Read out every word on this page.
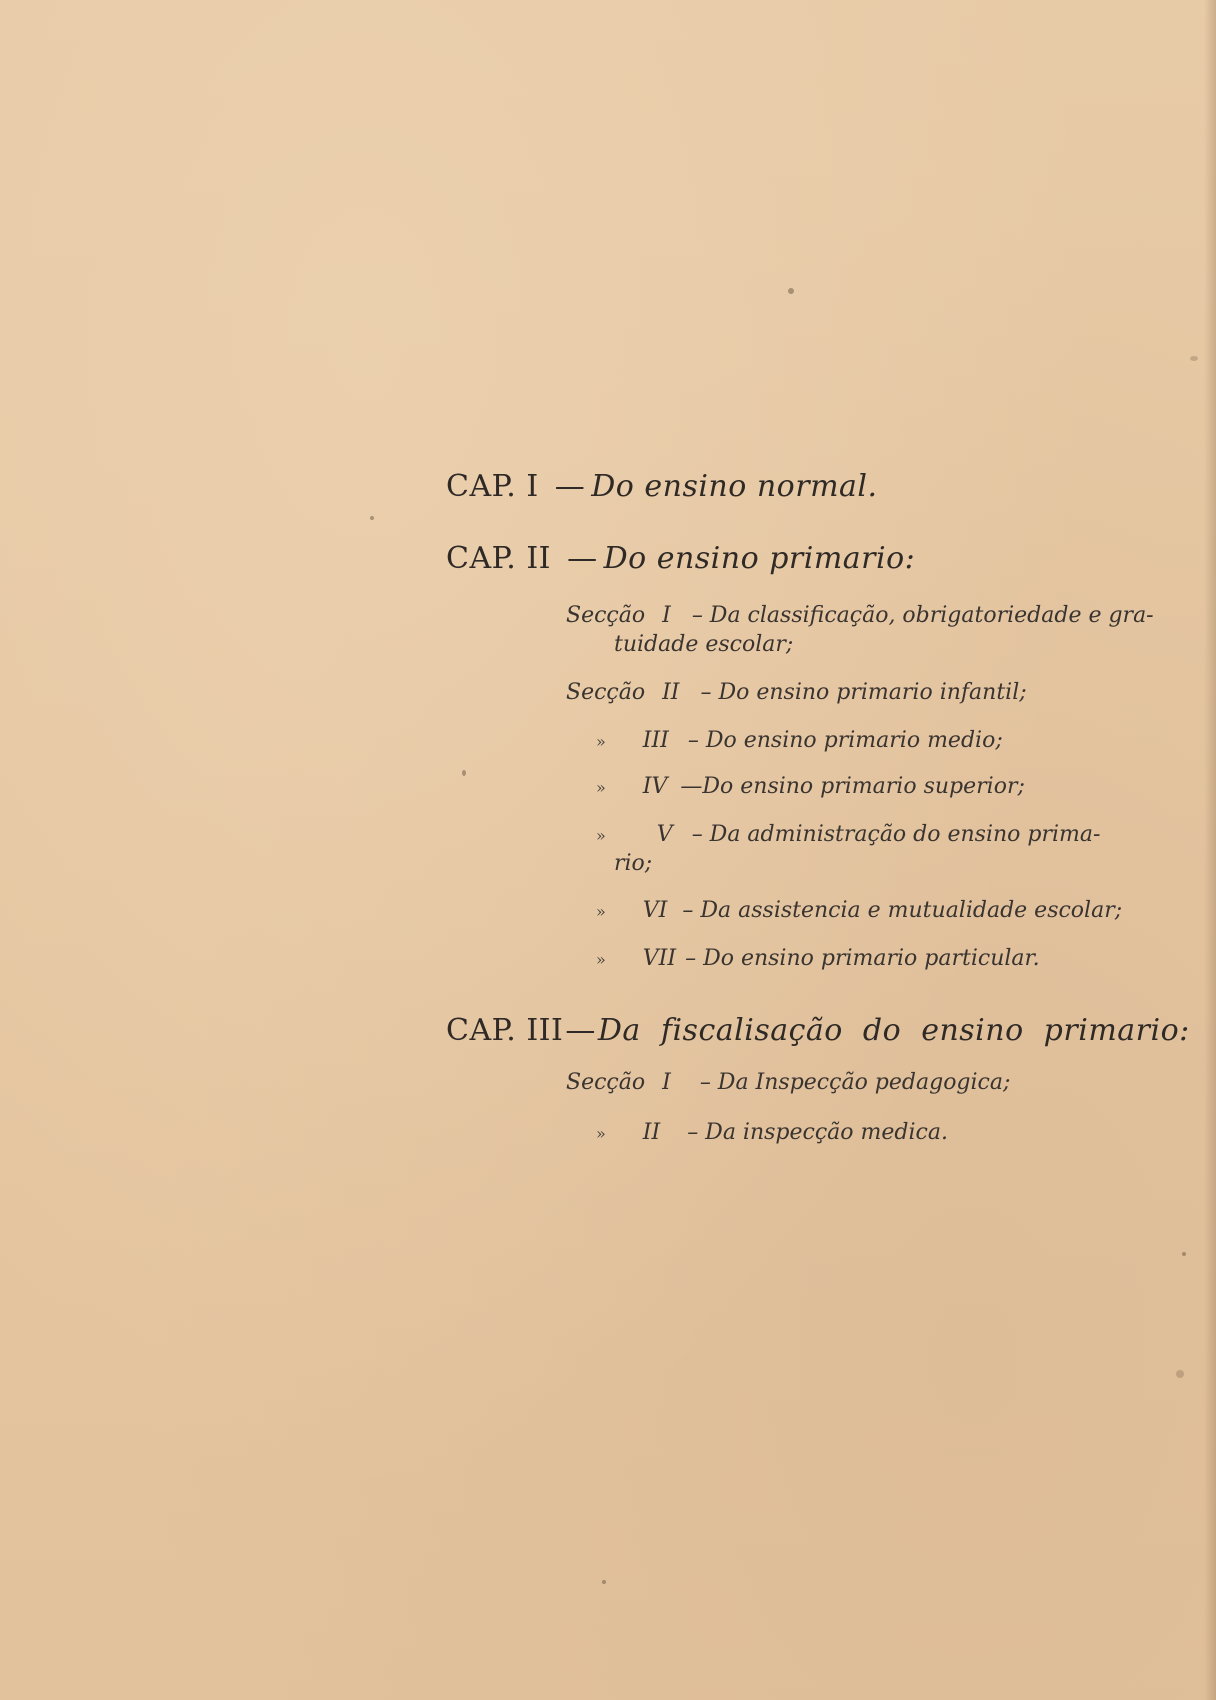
CAP. I — Do ensino normal.
CAP. II — Do ensino primario:
Secção I – Da classificação, obrigatoriedade e gra-
tuidade escolar;
Secção II – Do ensino primario infantil;
» III – Do ensino primario medio;
» IV —Do ensino primario superior;
» V – Da administração do ensino prima-
rio;
» VI – Da assistencia e mutualidade escolar;
» VII – Do ensino primario particular.
CAP. III—Da fiscalisação do ensino primario:
Secção I – Da Inspecção pedagogica;
» II – Da inspecção medica.
